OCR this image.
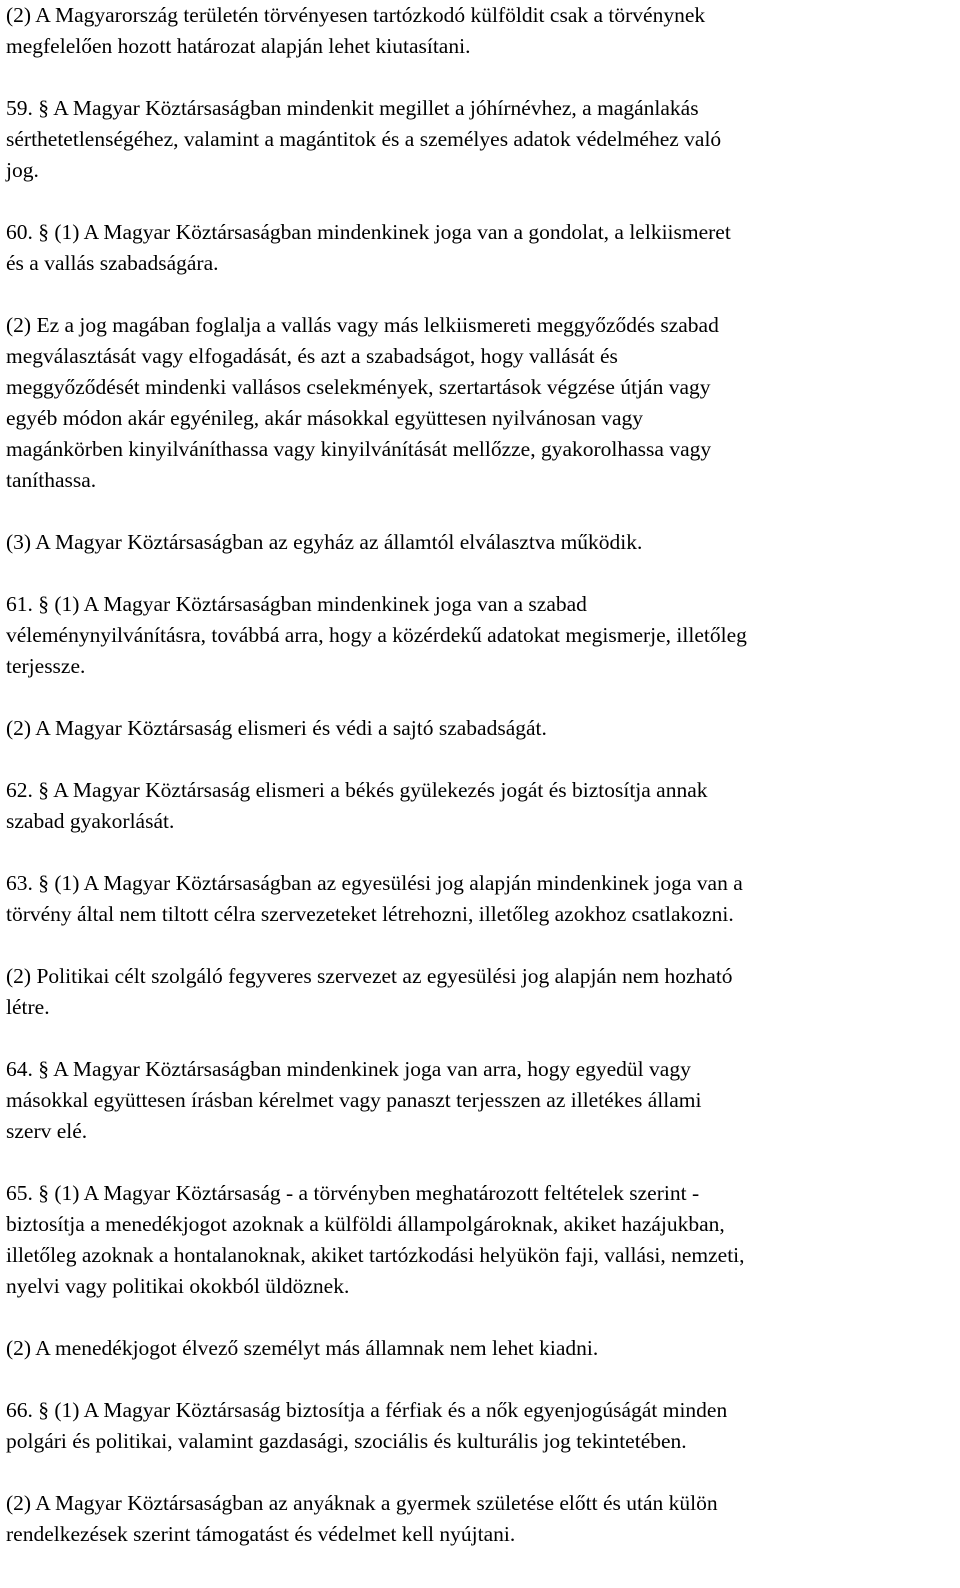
(2) A Magyarország területén törvényesen tartózkodó külföldit csak a törvénynek
megfelelően hozott határozat alapján lehet kiutasítani.

59. § A Magyar Köztársaságban mindenkit megillet a jóhírnévhez, a magánlakás
sérthetetlenségéhez, valamint a magántitok és a személyes adatok védelméhez való
jog.

60. § (1) A Magyar Köztársaságban mindenkinek joga van a gondolat, a lelkiismeret
és a vallás szabadságára.

(2) Ez a jog magában foglalja a vallás vagy más lelkiismereti meggyőződés szabad
megválasztását vagy elfogadását, és azt a szabadságot, hogy vallását és
meggyőződését mindenki vallásos cselekmények, szertartások végzése útján vagy
egyéb módon akár egyénileg, akár másokkal együttesen nyilvánosan vagy
magánkörben kinyilváníthassa vagy kinyilvánítását mellőzze, gyakorolhassa vagy
taníthassa.

(3) A Magyar Köztársaságban az egyház az államtól elválasztva működik.

61. § (1) A Magyar Köztársaságban mindenkinek joga van a szabad
véleménynyilvánításra, továbbá arra, hogy a közérdekű adatokat megismerje, illetőleg
terjessze.

(2) A Magyar Köztársaság elismeri és védi a sajtó szabadságát.

62. § A Magyar Köztársaság elismeri a békés gyülekezés jogát és biztosítja annak
szabad gyakorlását.

63. § (1) A Magyar Köztársaságban az egyesülési jog alapján mindenkinek joga van a
törvény által nem tiltott célra szervezeteket létrehozni, illetőleg azokhoz csatlakozni.

(2) Politikai célt szolgáló fegyveres szervezet az egyesülési jog alapján nem hozható
létre.

64. § A Magyar Köztársaságban mindenkinek joga van arra, hogy egyedül vagy
másokkal együttesen írásban kérelmet vagy panaszt terjesszen az illetékes állami
szerv elé.

65. § (1) A Magyar Köztársaság - a törvényben meghatározott feltételek szerint -
biztosítja a menedékjogot azoknak a külföldi állampolgároknak, akiket hazájukban,
illetőleg azoknak a hontalanoknak, akiket tartózkodási helyükön faji, vallási, nemzeti,
nyelvi vagy politikai okokból üldöznek.

(2) A menedékjogot élvező személyt más államnak nem lehet kiadni.

66. § (1) A Magyar Köztársaság biztosítja a férfiak és a nők egyenjogúságát minden
polgári és politikai, valamint gazdasági, szociális és kulturális jog tekintetében.

(2) A Magyar Köztársaságban az anyáknak a gyermek születése előtt és után külön
rendelkezések szerint támogatást és védelmet kell nyújtani.
